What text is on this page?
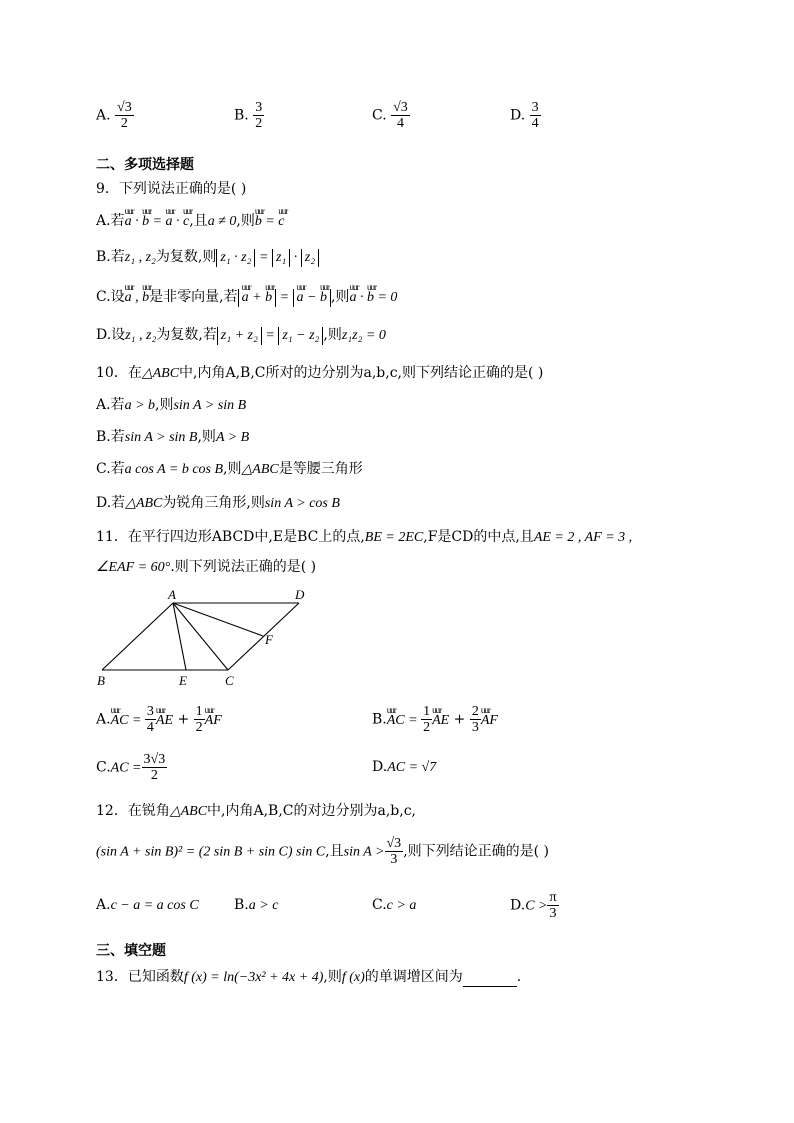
A. $\frac{√3}{2}$	B. $\frac{3}{2}$	C. $\frac{√3}{4}$	D. $\frac{3}{4}$
二、多项选择题
9．下列说法正确的是( )
A.若uur a · uur b = uur a · uur c,且a ≠ 0,则uur b = uur c
B.若z₁ , z₂为复数,则 z₁ · z₂ = z₁ · z₂
C.设uur a , uur b是非零向量,若 uur a + uur b = uur a − uur b ,则uur a · uur b = 0
D.设z₁ , z₂为复数,若 z₁ + z₂ = z₁ − z₂ ,则z₁z₂ = 0
10．在△ABC中,内角A,B,C所对的边分别为a,b,c,则下列结论正确的是( )
A.若a > b,则sin A > sin B
B.若sin A > sin B,则A > B
C.若a cos A = b cos B,则△ABC是等腰三角形
D.若△ABC为锐角三角形,则sin A > cos B
11．在平行四边形ABCD中,E是BC上的点,BE = 2EC,F是CD的中点,且AE = 2 , AF = 3 ,
∠EAF = 60°.则下列说法正确的是( )
A	D
F
B	E	C
A.uur AC = $\frac{3}{4}$ uur AE + $\frac{1}{2}$ uur AF	B.uur AC = $\frac{1}{2}$ uur AE + $\frac{2}{3}$ uur AF
$C.AC = \frac{3√3}{2}$	D.AC = √7
12．在锐角△ABC中,内角A,B,C的对边分别为a,b,c,
(sin A + sin B)² = (2 sin B + sin C) sin C,且$\sin A > \frac{√3}{3}$ ,则下列结论正确的是( )
A.c − a = a cos C	B.a > c	C.c > a	$D.C > \frac{\pi}{3}$
三、填空题
13．已知函数f (x) = ln(−3x² + 4x + 4),则f (x)的单调增区间为	.
